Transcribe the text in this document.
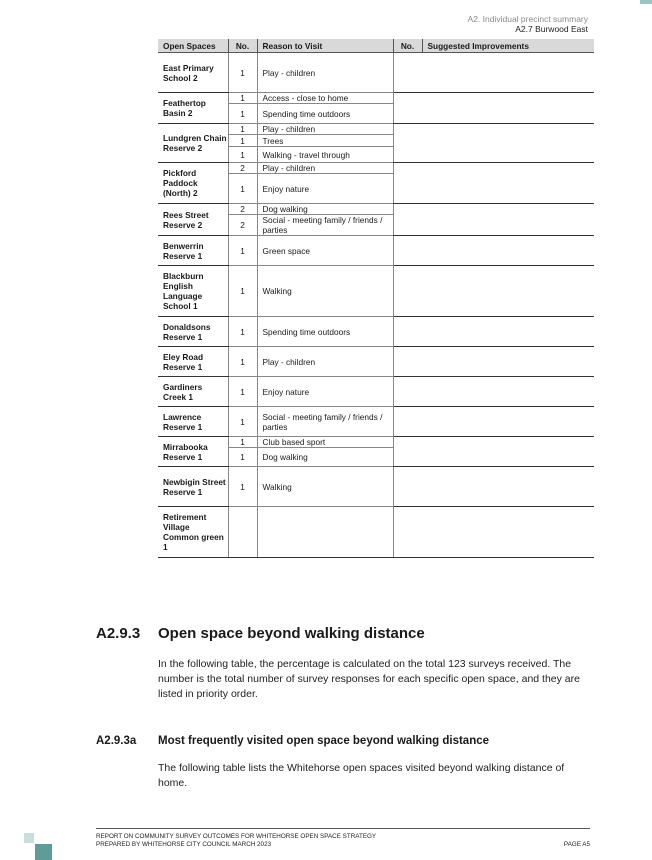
A2. Individual precinct summary
A2.7 Burwood East
Open Spaces	No.	Reason to Visit	No.	Suggested Improvements
East Primary School 2	1	Play - children		
Feathertop Basin 2	1	Access - close to home		
	1	Spending time outdoors		
Lundgren Chain Reserve 2	1	Play - children		
	1	Trees		
	1	Walking - travel through		
Pickford Paddock (North) 2	2	Play - children		
	1	Enjoy nature		
Rees Street Reserve 2	2	Dog walking		
	2	Social - meeting family / friends / parties		
Benwerrin Reserve 1	1	Green space		
Blackburn English Language School 1	1	Walking		
Donaldsons Reserve 1	1	Spending time outdoors		
Eley Road Reserve 1	1	Play - children		
Gardiners Creek 1	1	Enjoy nature		
Lawrence Reserve 1	1	Social - meeting family / friends / parties		
Mirrabooka Reserve 1	1	Club based sport		
	1	Dog walking		
Newbigin Street Reserve 1	1	Walking		
Retirement Village Common green 1				
A2.9.3 Open space beyond walking distance

In the following table, the percentage is calculated on the total 123 surveys received. The number is the total number of survey responses for each specific open space, and they are listed in priority order.

A2.9.3a Most frequently visited open space beyond walking distance

The following table lists the Whitehorse open spaces visited beyond walking distance of home.

REPORT ON COMMUNITY SURVEY OUTCOMES FOR WHITEHORSE OPEN SPACE STRATEGY
PREPARED BY WHITEHORSE CITY COUNCIL MARCH 2023	PAGE A5
